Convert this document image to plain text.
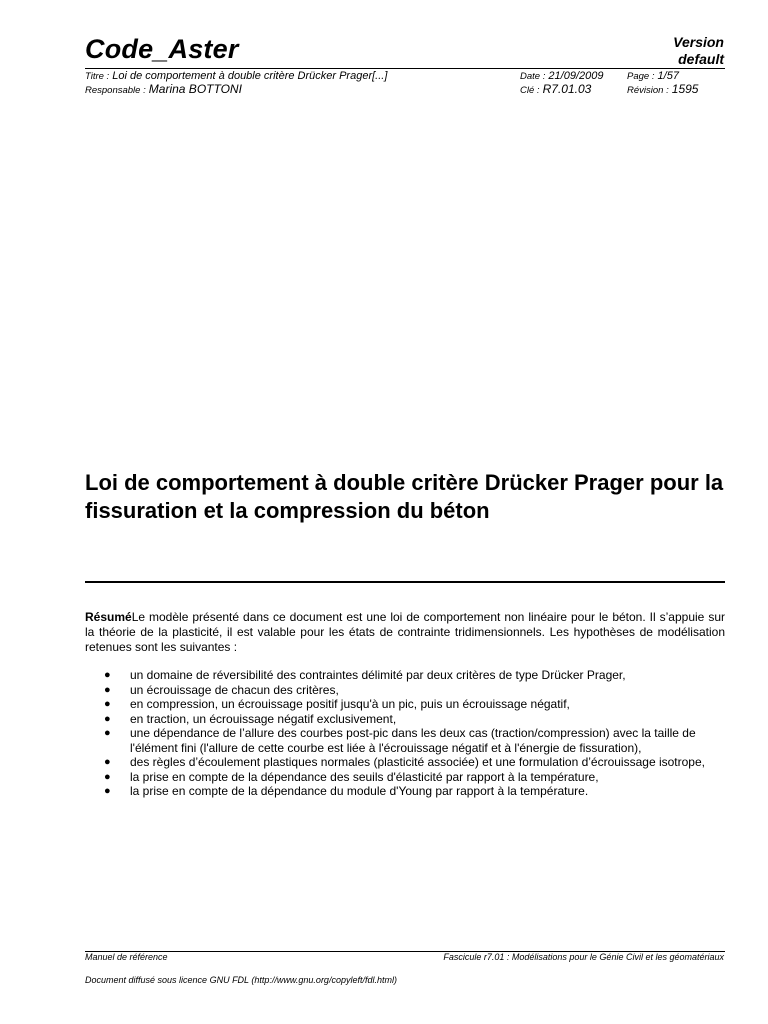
Code_Aster	Version
default
Titre : Loi de comportement à double critère Drücker Prager[...]	Date : 21/09/2009 Page : 1/57
Responsable : Marina BOTTONI	Clé : R7.01.03	Révision : 1595
Loi de comportement à double critère Drücker Prager pour la fissuration et la compression du béton

RésuméLe modèle présenté dans ce document est une loi de comportement non linéaire pour le béton. Il s’appuie sur la théorie de la plasticité, il est valable pour les états de contrainte tridimensionnels. Les hypothèses de modélisation retenues sont les suivantes :

● un domaine de réversibilité des contraintes délimité par deux critères de type Drücker Prager,
● un écrouissage de chacun des critères,
● en compression, un écrouissage positif jusqu'à un pic, puis un écrouissage négatif,
● en traction, un écrouissage négatif exclusivement,
● une dépendance de l’allure des courbes post-pic dans les deux cas (traction/compression) avec la taille de l'élément fini (l'allure de cette courbe est liée à l'écrouissage négatif et à l'énergie de fissuration),
● des règles d’écoulement plastiques normales (plasticité associée) et une formulation d’écrouissage isotrope,
● la prise en compte de la dépendance des seuils d'élasticité par rapport à la température,
● la prise en compte de la dépendance du module d'Young par rapport à la température.
Manuel de référence	Fascicule r7.01 : Modélisations pour le Génie Civil et les géomatériaux
Document diffusé sous licence GNU FDL (http://www.gnu.org/copyleft/fdl.html)
